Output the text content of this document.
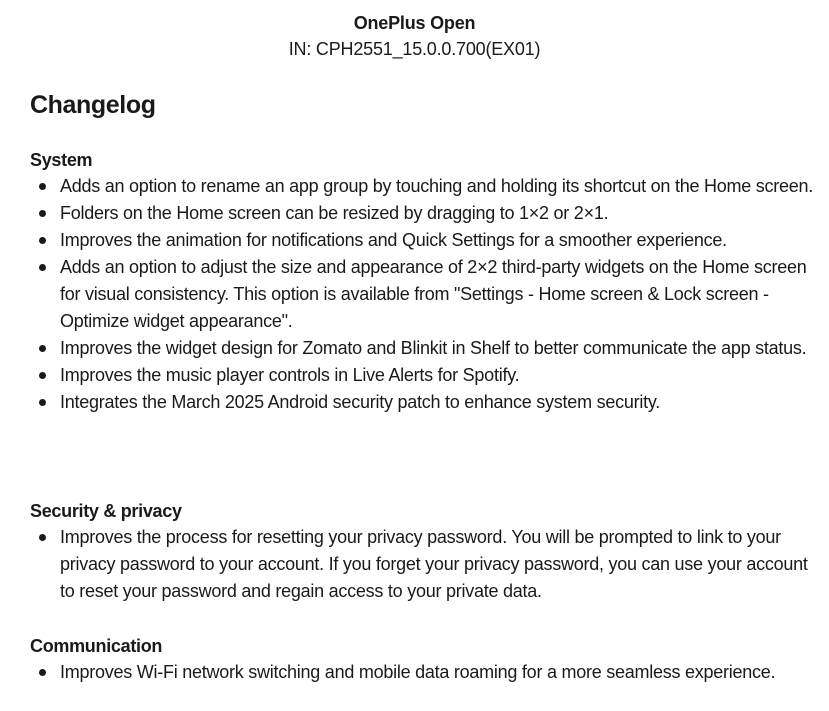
OnePlus Open
IN: CPH2551_15.0.0.700(EX01)
Changelog
System
Adds an option to rename an app group by touching and holding its shortcut on the Home screen.
Folders on the Home screen can be resized by dragging to 1×2 or 2×1.
Improves the animation for notifications and Quick Settings for a smoother experience.
Adds an option to adjust the size and appearance of 2×2 third-party widgets on the Home screen for visual consistency. This option is available from "Settings - Home screen & Lock screen - Optimize widget appearance".
Improves the widget design for Zomato and Blinkit in Shelf to better communicate the app status.
Improves the music player controls in Live Alerts for Spotify.
Integrates the March 2025 Android security patch to enhance system security.
Security & privacy
Improves the process for resetting your privacy password. You will be prompted to link to your privacy password to your account. If you forget your privacy password, you can use your account to reset your password and regain access to your private data.
Communication
Improves Wi-Fi network switching and mobile data roaming for a more seamless experience.
